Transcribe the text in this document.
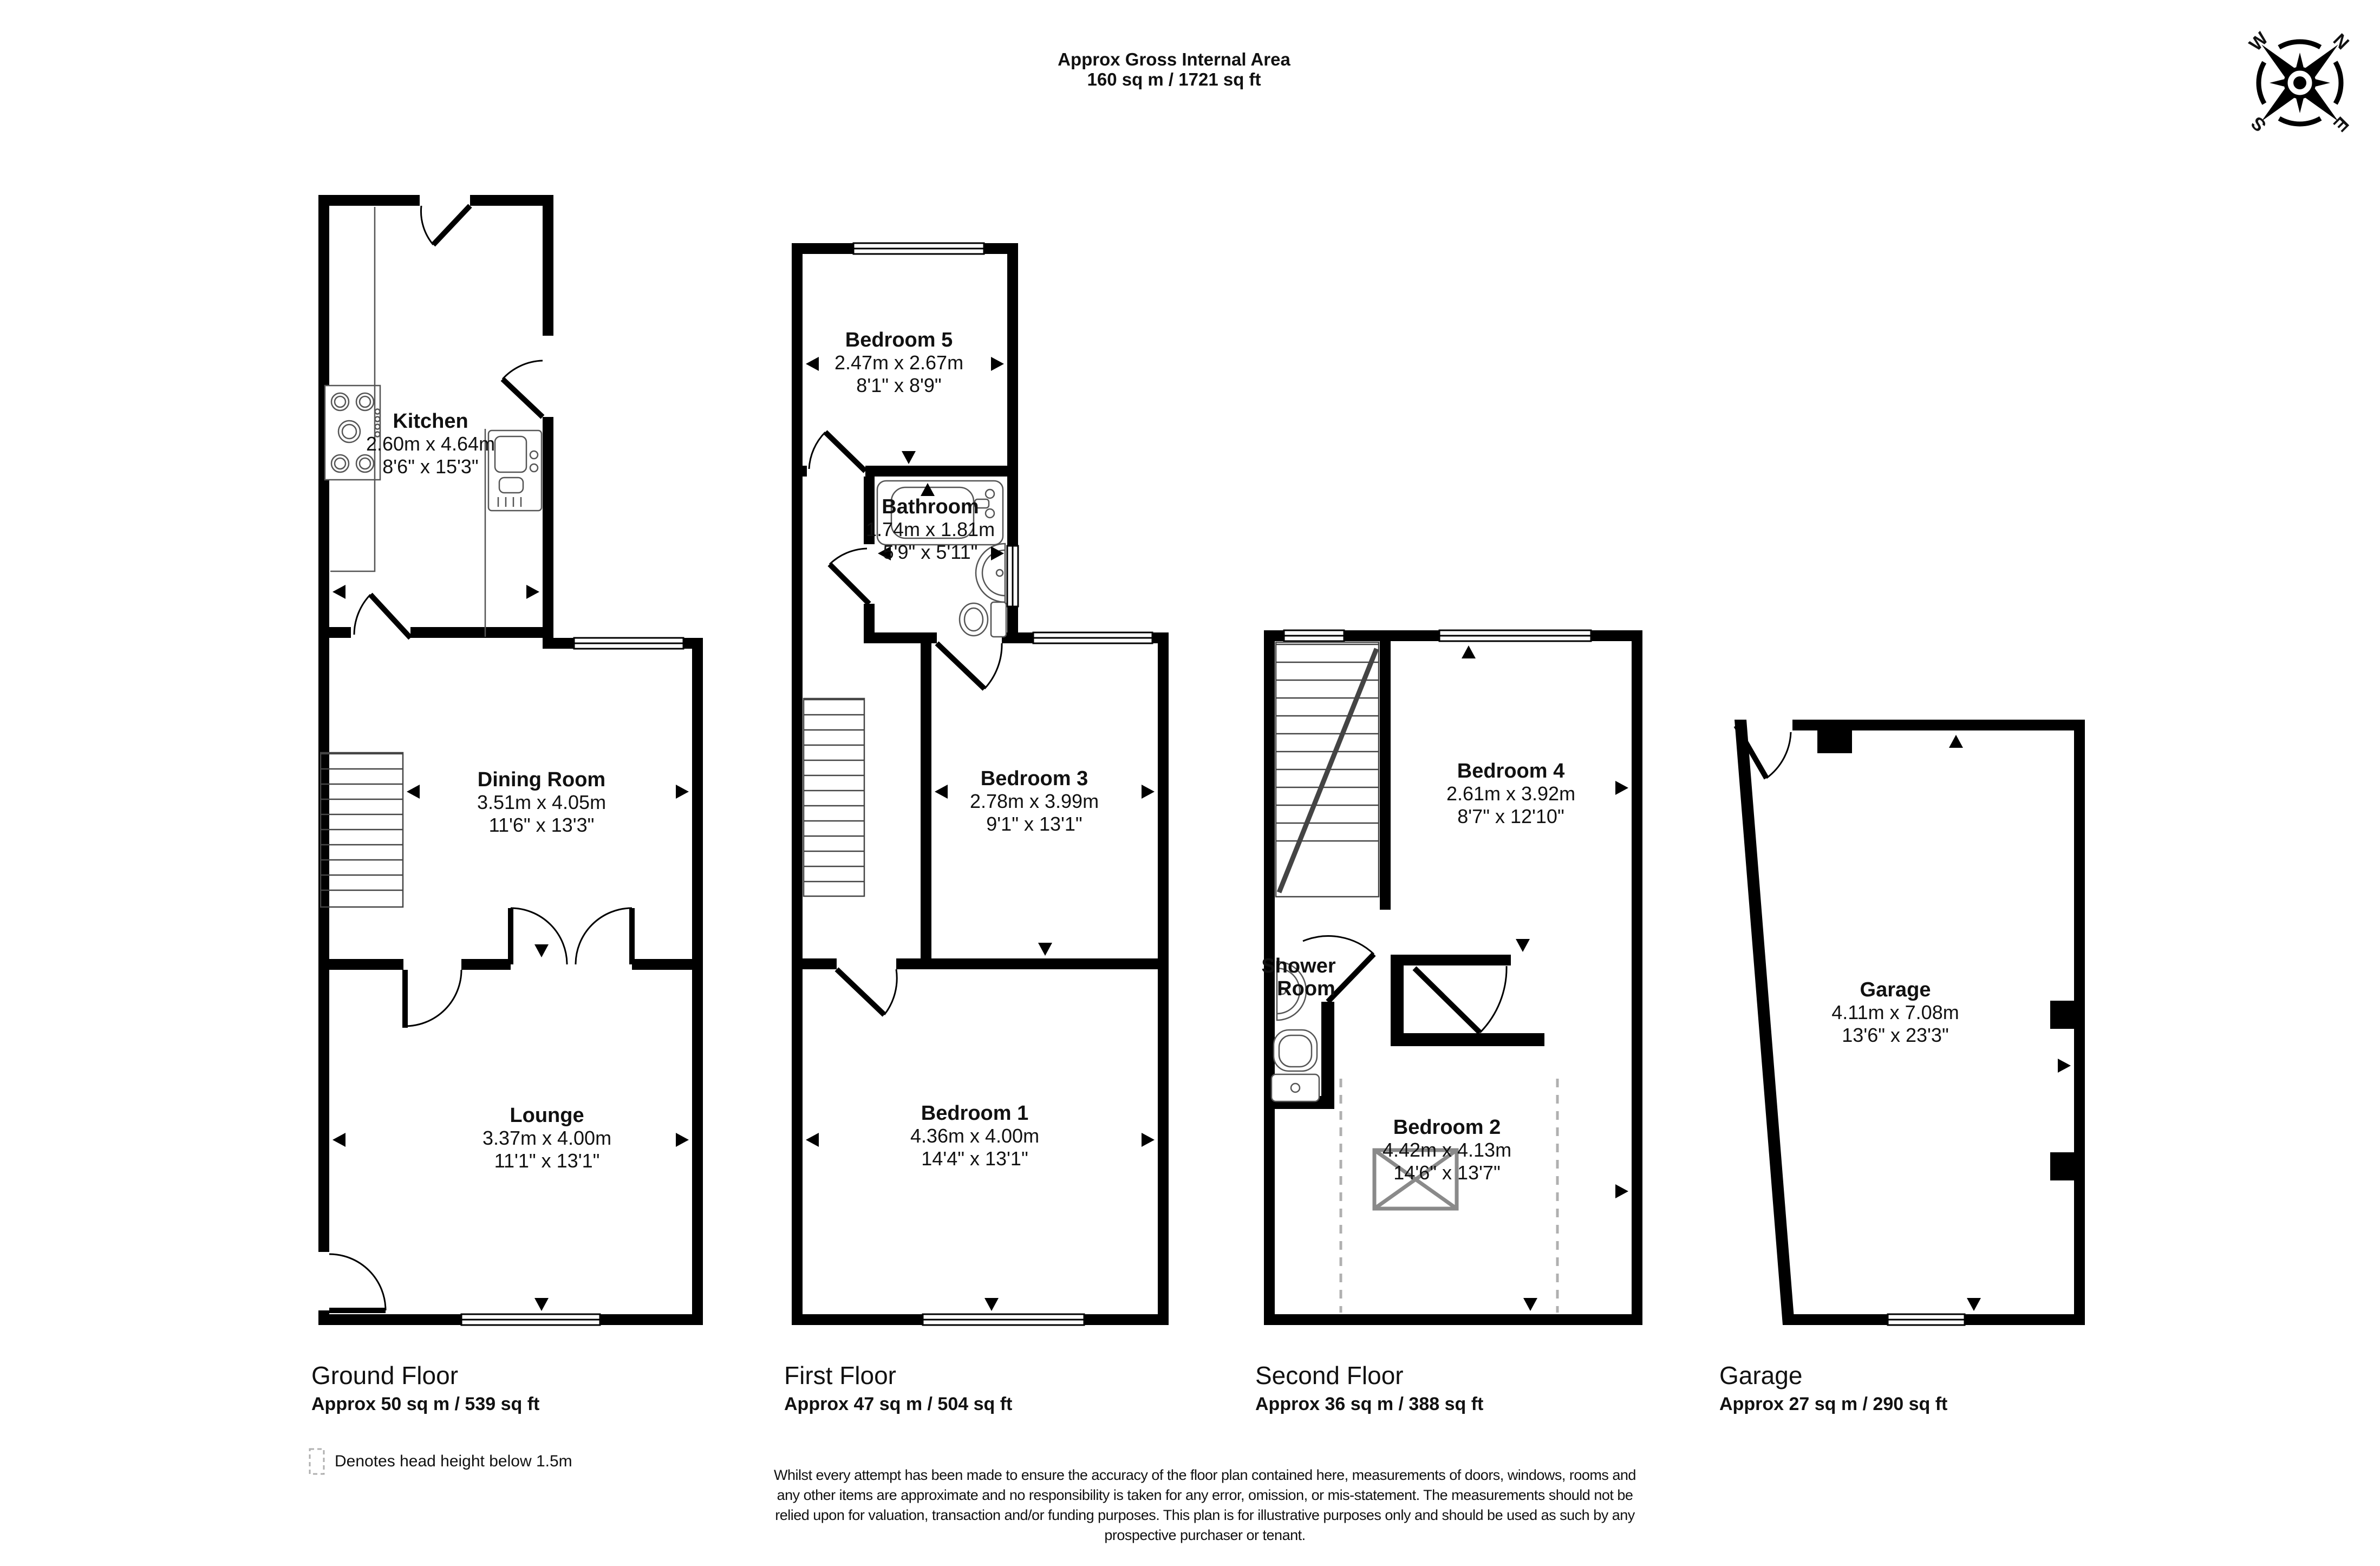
Approx Gross Internal Area
160 sq m / 1721 sq ft
N
E
S
W
Kitchen
2.60m x 4.64m
8'6" x 15'3"
Dining Room
3.51m x 4.05m
11'6" x 13'3"
Lounge
3.37m x 4.00m
11'1" x 13'1"
Bedroom 5
2.47m x 2.67m
8'1" x 8'9"
Bathroom
1.74m x 1.81m
5'9" x 5'11"
Bedroom 3
2.78m x 3.99m
9'1" x 13'1"
Bedroom 1
4.36m x 4.00m
14'4" x 13'1"
Shower
Room
Bedroom 4
2.61m x 3.92m
8'7" x 12'10"
Bedroom 2
4.42m x 4.13m
14'6" x 13'7"
Garage
4.11m x 7.08m
13'6" x 23'3"
Ground Floor
Approx 50 sq m / 539 sq ft
First Floor
Approx 47 sq m / 504 sq ft
Second Floor
Approx 36 sq m / 388 sq ft
Garage
Approx 27 sq m / 290 sq ft
Denotes head height below 1.5m
Whilst every attempt has been made to ensure the accuracy of the floor plan contained here, measurements of doors, windows, rooms and
any other items are approximate and no responsibility is taken for any error, omission, or mis-statement. The measurements should not be
relied upon for valuation, transaction and/or funding purposes. This plan is for illustrative purposes only and should be used as such by any
prospective purchaser or tenant.
